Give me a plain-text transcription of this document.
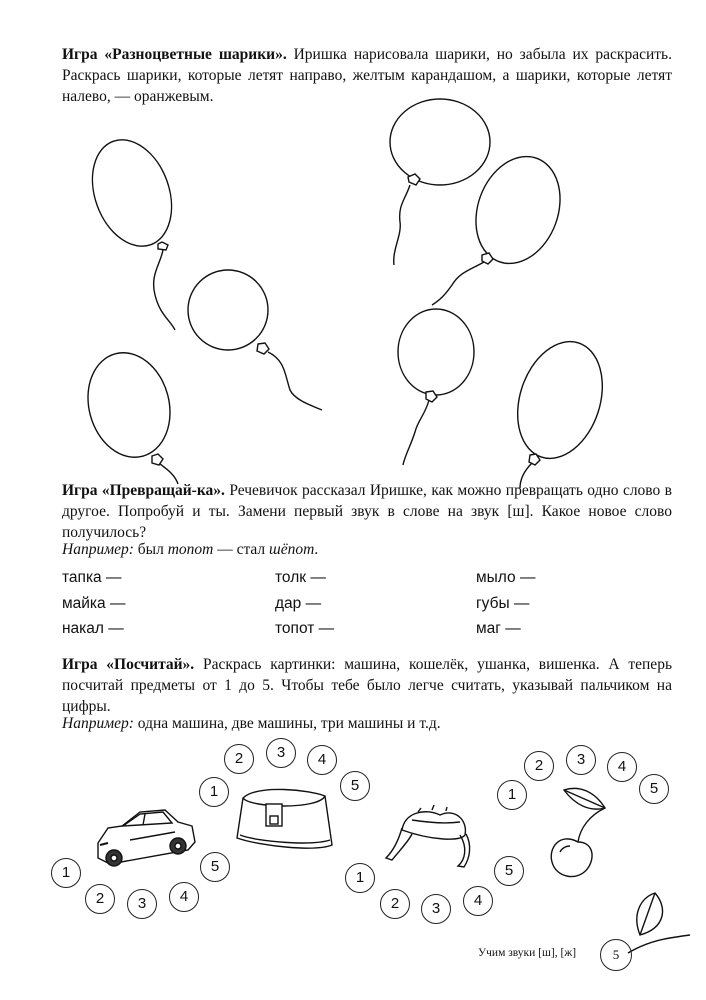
Игра «Разноцветные шарики». Иришка нарисовала шарики, но забыла их раскрасить. Раскрась шарики, которые летят направо, желтым карандашом, а шарики, которые летят налево, — оранжевым.
Игра «Превращай-ка». Речевичок рассказал Иришке, как можно превращать одно слово в другое. Попробуй и ты. Замени первый звук в слове на звук [ш]. Какое новое слово получилось?
Например: был топот — стал шёпот.
тапка —	толк —	мыло —
майка —	дар —	губы —
накал —	топот —	маг —
Игра «Посчитай». Раскрась картинки: машина, кошелёк, ушанка, вишенка. А теперь посчитай предметы от 1 до 5. Чтобы тебе было легче считать, указывай пальчиком на цифры.
Например: одна машина, две машины, три машины и т.д.
1
2	3	4
5
1
2	3	4
5
1
2	3	4
5
1
2	3	4
5
Учим звуки [ш], [ж]	5
